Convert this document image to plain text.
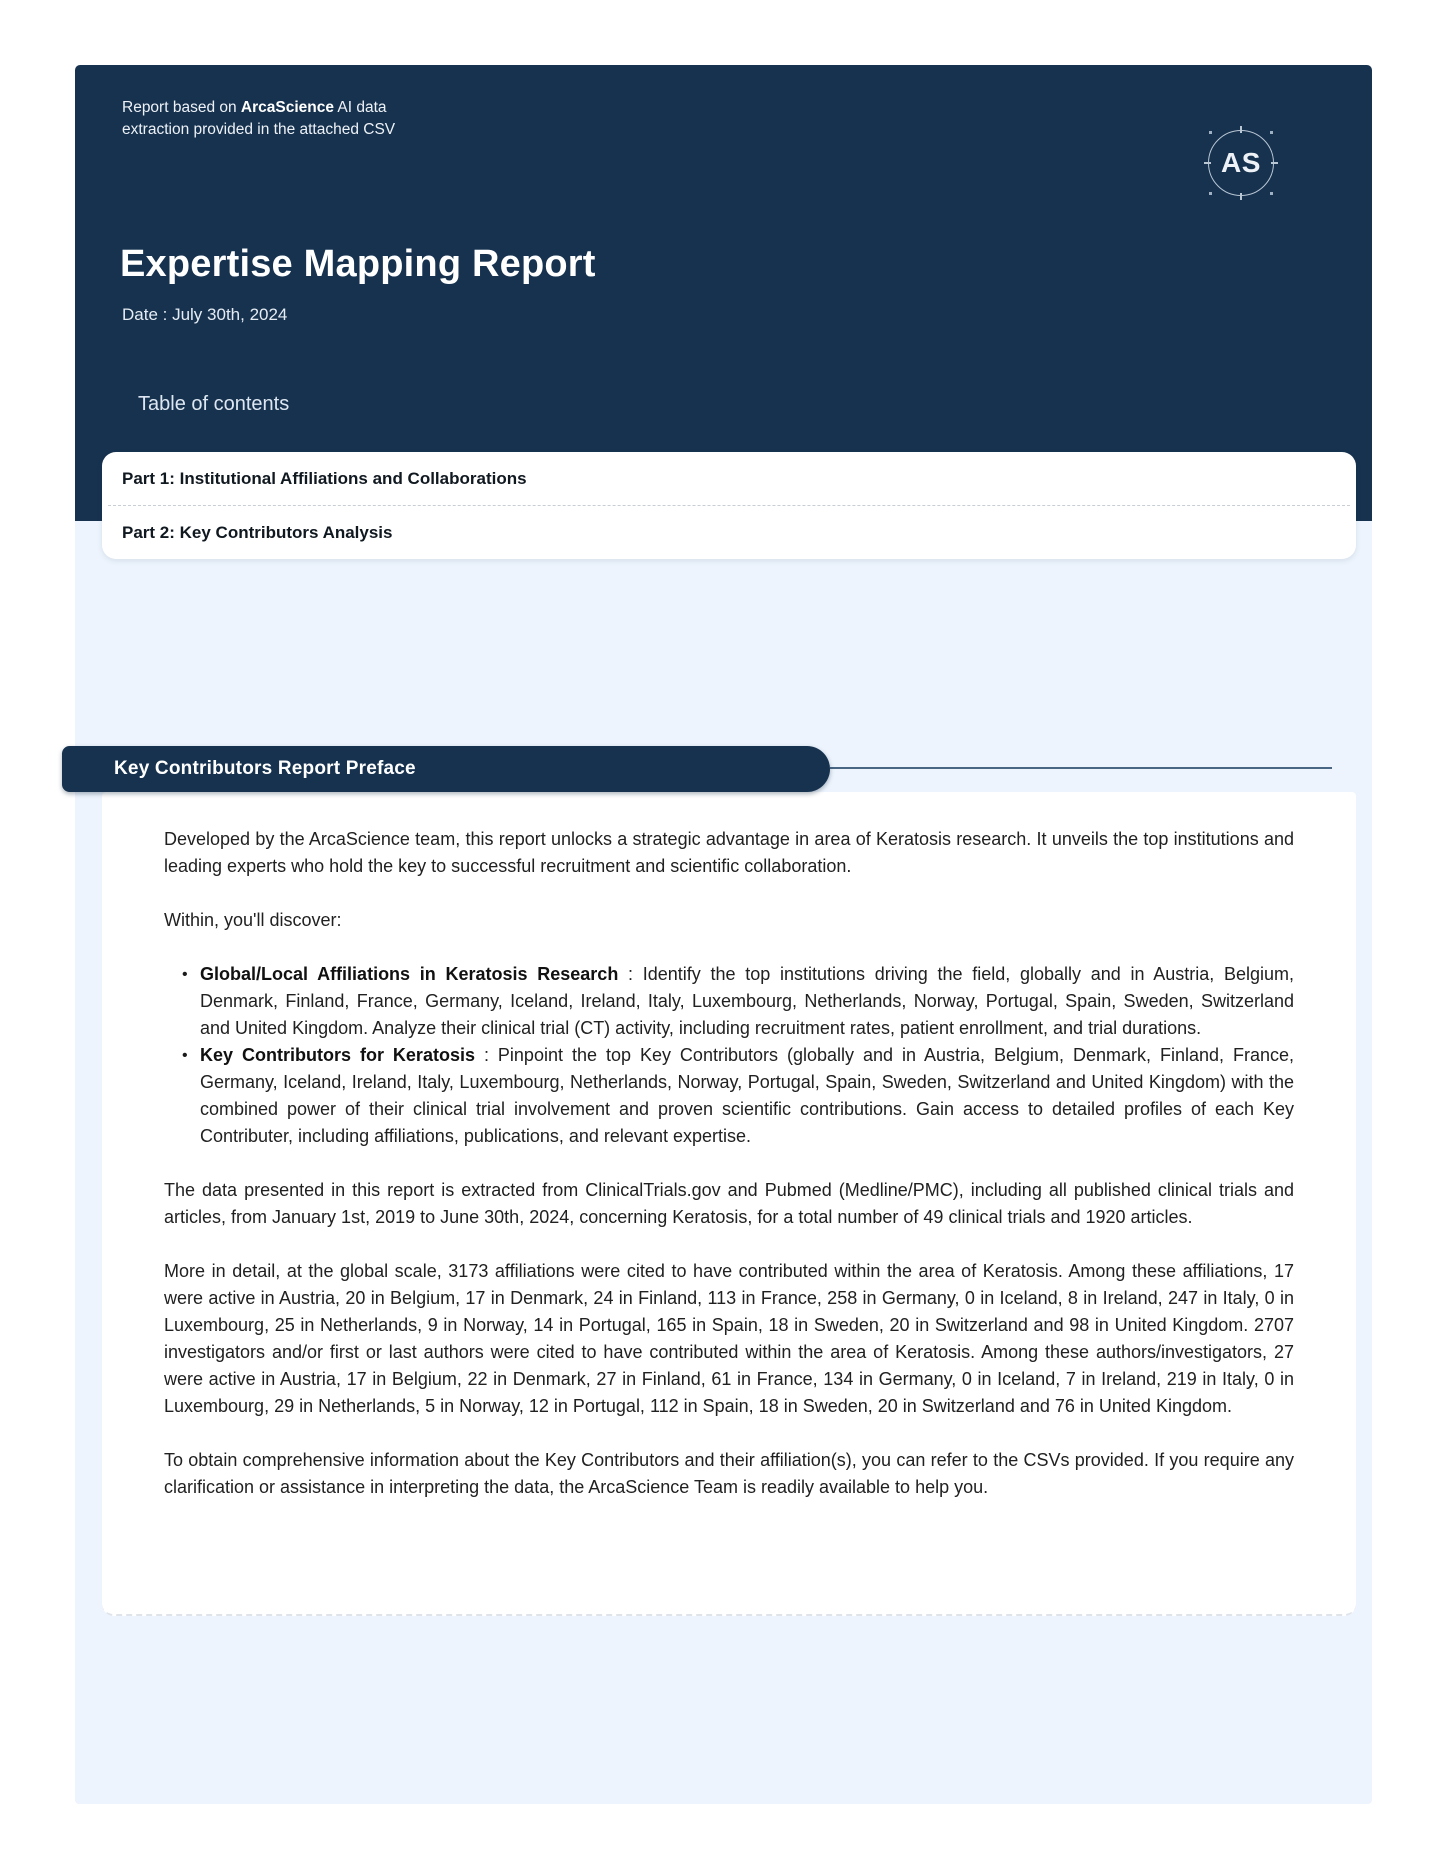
Report based on ArcaScience AI data extraction provided in the attached CSV
AS
Expertise Mapping Report
Date : July 30th, 2024
Table of contents
Part 1: Institutional Affiliations and Collaborations
Part 2: Key Contributors Analysis
Key Contributors Report Preface

Developed by the ArcaScience team, this report unlocks a strategic advantage in area of Keratosis research. It unveils the top institutions and leading experts who hold the key to successful recruitment and scientific collaboration.

Within, you'll discover:

• Global/Local Affiliations in Keratosis Research : Identify the top institutions driving the field, globally and in Austria, Belgium, Denmark, Finland, France, Germany, Iceland, Ireland, Italy, Luxembourg, Netherlands, Norway, Portugal, Spain, Sweden, Switzerland and United Kingdom. Analyze their clinical trial (CT) activity, including recruitment rates, patient enrollment, and trial durations.
• Key Contributors for Keratosis : Pinpoint the top Key Contributors (globally and in Austria, Belgium, Denmark, Finland, France, Germany, Iceland, Ireland, Italy, Luxembourg, Netherlands, Norway, Portugal, Spain, Sweden, Switzerland and United Kingdom) with the combined power of their clinical trial involvement and proven scientific contributions. Gain access to detailed profiles of each Key Contributer, including affiliations, publications, and relevant expertise.

The data presented in this report is extracted from ClinicalTrials.gov and Pubmed (Medline/PMC), including all published clinical trials and articles, from January 1st, 2019 to June 30th, 2024, concerning Keratosis, for a total number of 49 clinical trials and 1920 articles.

More in detail, at the global scale, 3173 affiliations were cited to have contributed within the area of Keratosis. Among these affiliations, 17 were active in Austria, 20 in Belgium, 17 in Denmark, 24 in Finland, 113 in France, 258 in Germany, 0 in Iceland, 8 in Ireland, 247 in Italy, 0 in Luxembourg, 25 in Netherlands, 9 in Norway, 14 in Portugal, 165 in Spain, 18 in Sweden, 20 in Switzerland and 98 in United Kingdom. 2707 investigators and/or first or last authors were cited to have contributed within the area of Keratosis. Among these authors/investigators, 27 were active in Austria, 17 in Belgium, 22 in Denmark, 27 in Finland, 61 in France, 134 in Germany, 0 in Iceland, 7 in Ireland, 219 in Italy, 0 in Luxembourg, 29 in Netherlands, 5 in Norway, 12 in Portugal, 112 in Spain, 18 in Sweden, 20 in Switzerland and 76 in United Kingdom.

To obtain comprehensive information about the Key Contributors and their affiliation(s), you can refer to the CSVs provided. If you require any clarification or assistance in interpreting the data, the ArcaScience Team is readily available to help you.
